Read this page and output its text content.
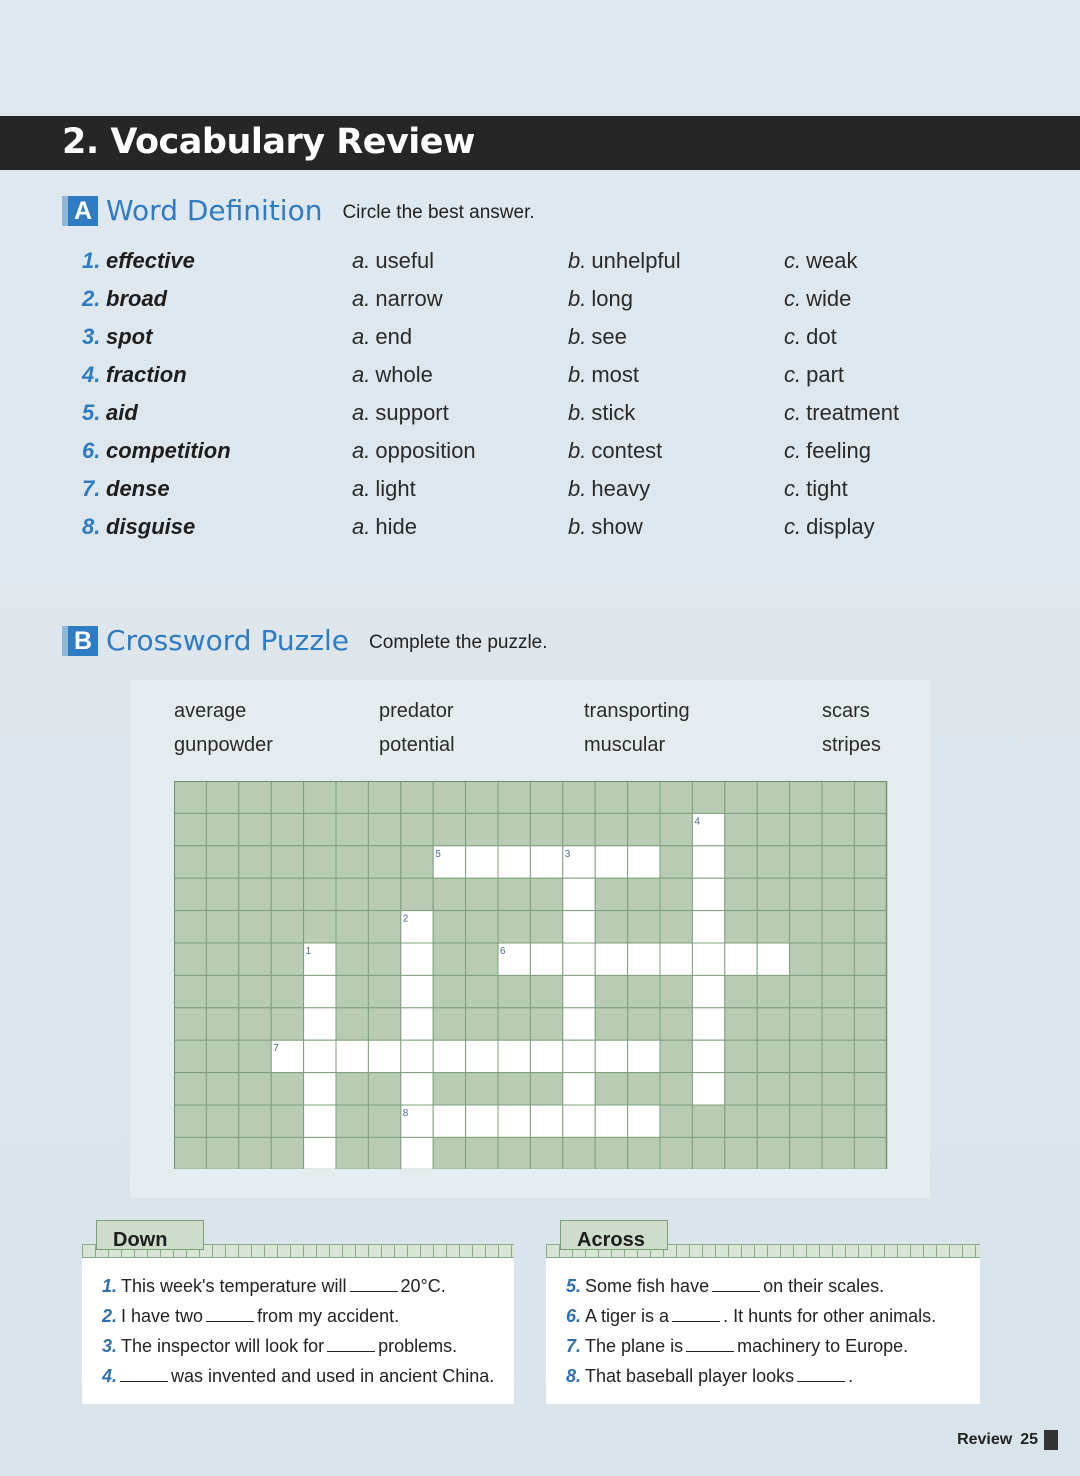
2. Vocabulary Review
A Word Definition Circle the best answer.
1. effective	a. useful	b. unhelpful	c. weak
2. broad	a. narrow	b. long	c. wide
3. spot	a. end	b. see	c. dot
4. fraction	a. whole	b. most	c. part
5. aid	a. support	b. stick	c. treatment
6. competition	a. opposition	b. contest	c. feeling
7. dense	a. light	b. heavy	c. tight
8. disguise	a. hide	b. show	c. display
B Crossword Puzzle Complete the puzzle.
average	predator	transporting	scars
gunpowder	potential	muscular	stripes
1
2
3
4
5
6
7
8
Down
1. This week's temperature will	20°C.
2. I have two	from my accident.
3. The inspector will look for	problems.
4.	was invented and used in ancient China.
Across
5. Some fish have	on their scales.
6. A tiger is a	. It hunts for other animals.
7. The plane is	machinery to Europe.
8. That baseball player looks	.
Review 25
